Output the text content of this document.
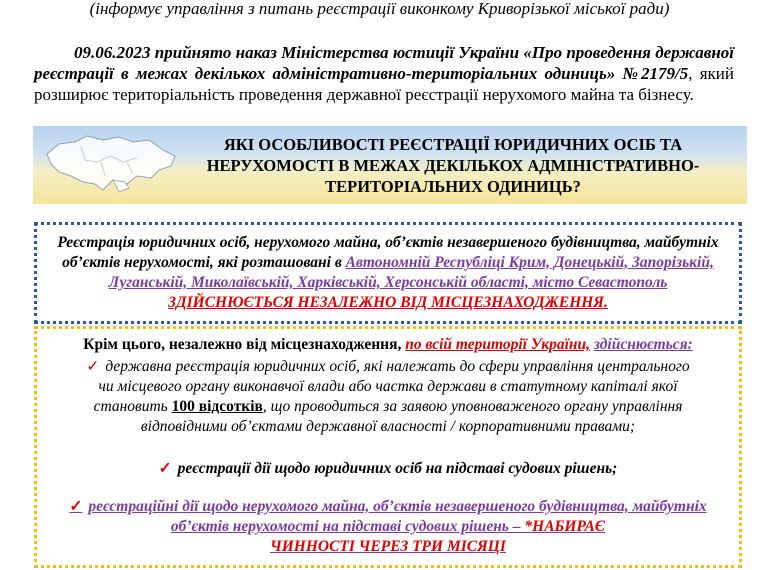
(інформує управління з питань реєстрації виконкому Криворізької міської ради)
09.06.2023 прийнято наказ Міністерства юстиції України «Про проведення державної реєстрації в межах декількох адміністративно-територіальних одиниць» №2179/5, який розширює територіальність проведення державної реєстрації нерухомого майна та бізнесу.
ЯКІ ОСОБЛИВОСТІ РЕЄСТРАЦІЇ ЮРИДИЧНИХ ОСІБ ТА НЕРУХОМОСТІ В МЕЖАХ ДЕКІЛЬКОХ АДМІНІСТРАТИВНО-ТЕРИТОРІАЛЬНИХ ОДИНИЦЬ?
Реєстрація юридичних осіб, нерухомого майна, об’єктів незавершеного будівництва, майбутніх об’єктів нерухомості, які розташовані в Автономній Республіці Крим, Донецькій, Запорізькій, Луганській, Миколаївській, Харківській, Херсонській області, місто Севастополь ЗДІЙСНЮЄТЬСЯ НЕЗАЛЕЖНО ВІД МІСЦЕЗНАХОДЖЕННЯ.
Крім цього, незалежно від місцезнаходження, по всій території України, здійснюється:
✓ державна реєстрація юридичних осіб, які належать до сфери управління центрального чи місцевого органу виконавчої влади або частка держави в статутному капіталі якої становить 100 відсотків, що проводиться за заявою уповноваженого органу управління відповідними об’єктами державної власності / корпоративними правами;
✓ реєстрації дії щодо юридичних осіб на підставі судових рішень;
✓ реєстраційні дії щодо нерухомого майна, об’єктів незавершеного будівництва, майбутніх об’єктів нерухомості на підставі судових рішень – *НАБИРАЄ
ЧИННОСТІ ЧЕРЕЗ ТРИ МІСЯЦІ
